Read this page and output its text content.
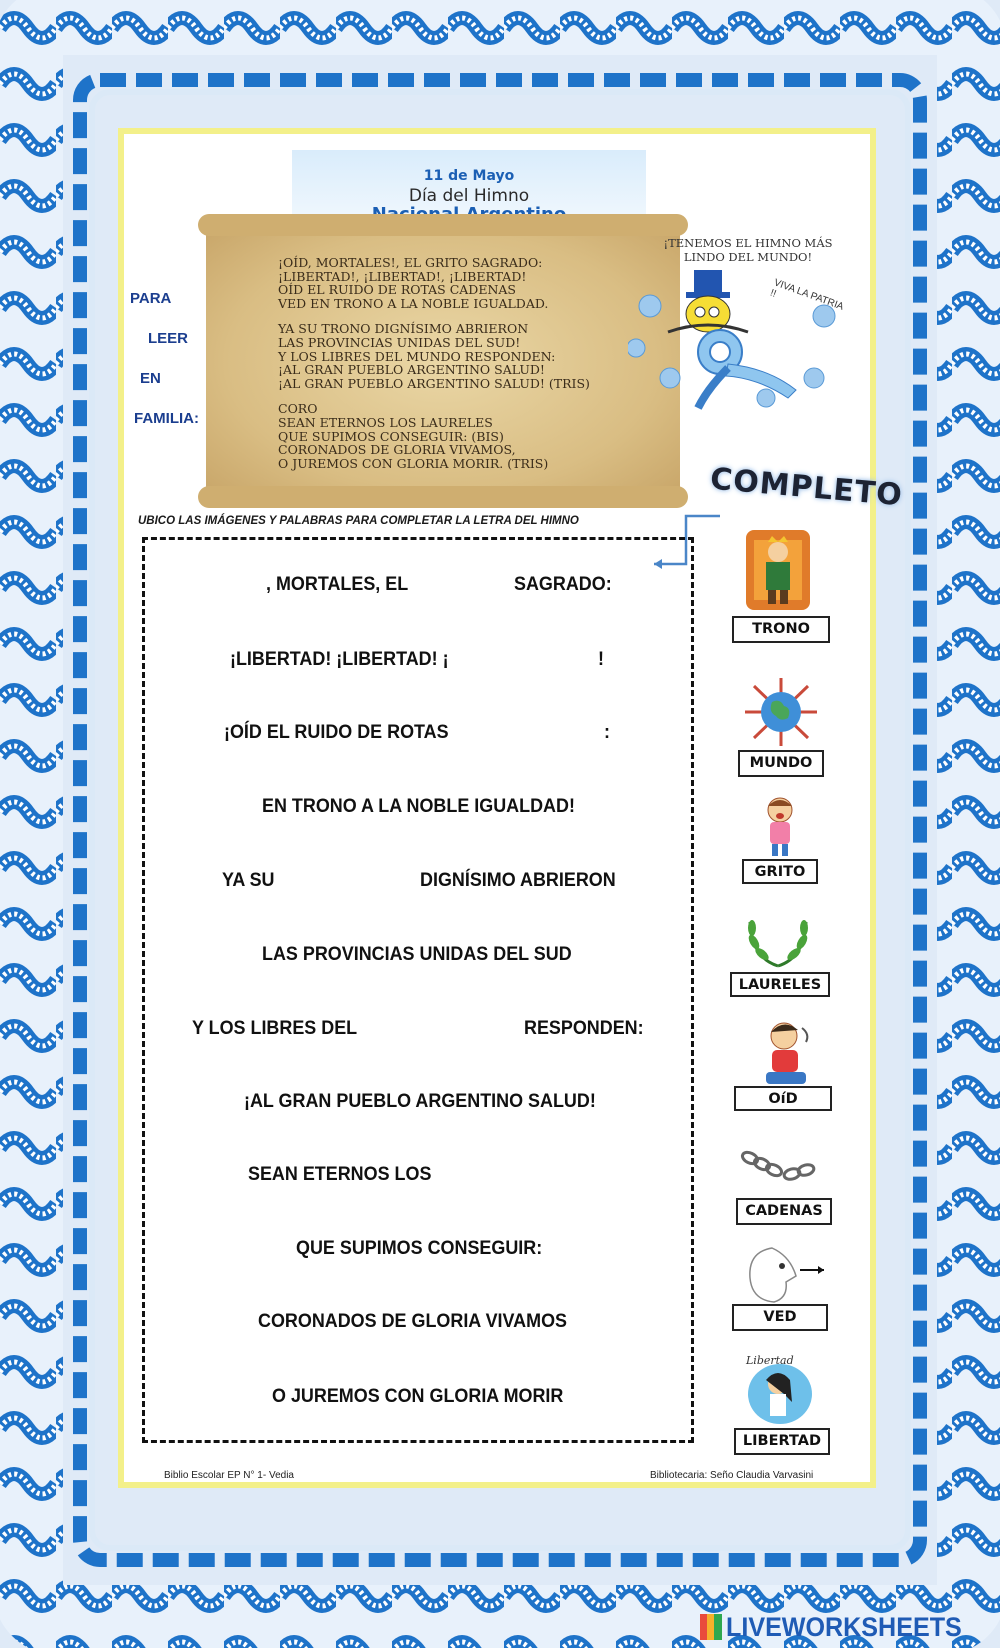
11 de Mayo
Día del Himno
¡OÍD, MORTALES!, EL GRITO SAGRADO:
¡LIBERTAD!, ¡LIBERTAD!, ¡LIBERTAD!
OÍD EL RUIDO DE ROTAS CADENAS
VED EN TRONO A LA NOBLE IGUALDAD.
YA SU TRONO DIGNÍSIMO ABRIERON
LAS PROVINCIAS UNIDAS DEL SUD!
Y LOS LIBRES DEL MUNDO RESPONDEN:
¡AL GRAN PUEBLO ARGENTINO SALUD!
¡AL GRAN PUEBLO ARGENTINO SALUD! (TRIS)
CORO
SEAN ETERNOS LOS LAURELES
QUE SUPIMOS CONSEGUIR: (BIS)
CORONADOS DE GLORIA VIVAMOS,
O JUREMOS CON GLORIA MORIR. (TRIS)
PARA
LEER
EN
FAMILIA:
¡TENEMOS EL HIMNO MÁS LINDO DEL MUNDO!
VIVA LA PATRIA !!
COMPLETO
UBICO LAS IMÁGENES Y PALABRAS PARA COMPLETAR LA LETRA DEL HIMNO
, MORTALES, EL	SAGRADO:
¡LIBERTAD! ¡LIBERTAD! ¡	!
¡OÍD EL RUIDO DE ROTAS	:
EN TRONO A LA NOBLE IGUALDAD!
YA SU	DIGNÍSIMO ABRIERON
LAS PROVINCIAS UNIDAS DEL SUD
Y LOS LIBRES DEL	RESPONDEN:
¡AL GRAN PUEBLO ARGENTINO SALUD!
SEAN ETERNOS LOS
QUE SUPIMOS CONSEGUIR:
CORONADOS DE GLORIA VIVAMOS
O JUREMOS CON GLORIA MORIR
TRONO
MUNDO
GRITO
LAURELES
OíD
CADENAS
VED
Libertad
LIBERTAD
Biblio Escolar EP N° 1- Vedia	Bibliotecaria: Seño Claudia Varvasini
LIVEWORKSHEETS
